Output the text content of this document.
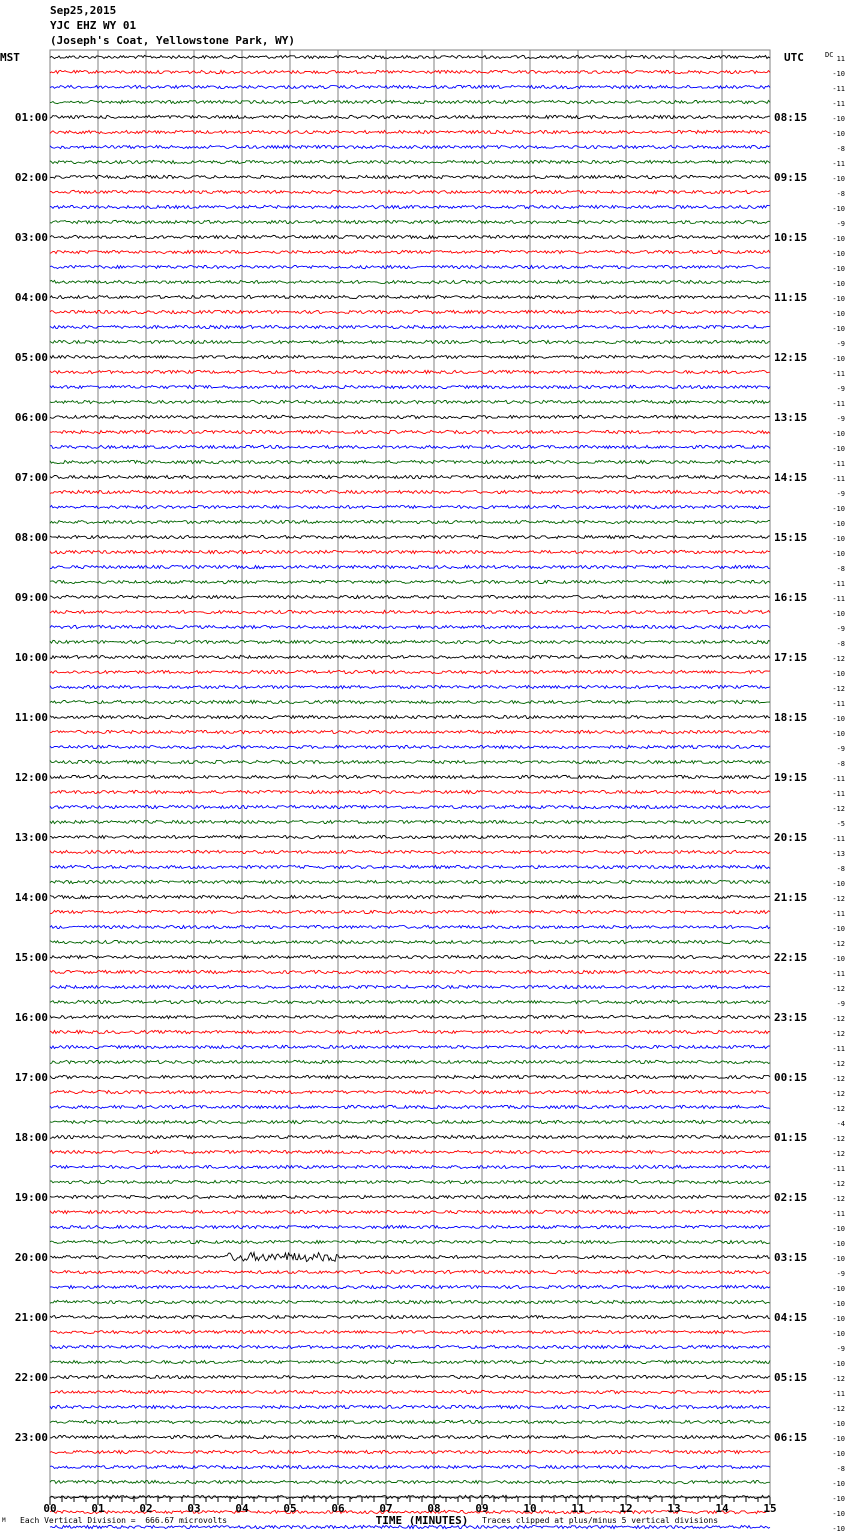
Sep25,2015
YJC EHZ WY 01
(Joseph's Coat, Yellowstone Park, WY)
MST	UTC	DC
01:00
02:00
03:00
04:00
05:00
06:00
07:00
08:00
09:00
10:00
11:00
12:00
13:00
14:00
15:00
16:00
17:00
18:00
19:00
20:00
21:00
22:00
23:00
08:15
09:15
10:15
11:15
12:15
13:15
14:15
15:15
16:15
17:15
18:15
19:15
20:15
21:15
22:15
23:15
00:15
01:15
02:15
03:15
04:15
05:15
06:15
11
-10
-11
-11
-10
-10
-8
-11
-10
-8
-10
-9
-10
-10
-10
-10
-10
-10
-10
-9
-10
-11
-9
-11
-9
-10
-10
-11
-11
-9
-10
-10
-10
-10
-8
-11
-11
-10
-9
-8
-12
-10
-12
-11
-10
-10
-9
-8
-11
-11
-12
-5
-11
-13
-8
-10
-12
-11
-10
-12
-10
-11
-12
-9
-12
-12
-11
-12
-12
-12
-12
-4
-12
-12
-11
-12
-12
-11
-10
-10
-10
-9
-10
-10
-10
-10
-9
-10
-12
-11
-12
-10
-10
-10
-8
-10
-10
-10
-10
00	01	02	03	04	05	06	07	08	09	10	11	12	13	14	15
TIME (MINUTES)
M Each Vertical Division =  666.67 microvolts	Traces clipped at plus/minus 5 vertical divisions
